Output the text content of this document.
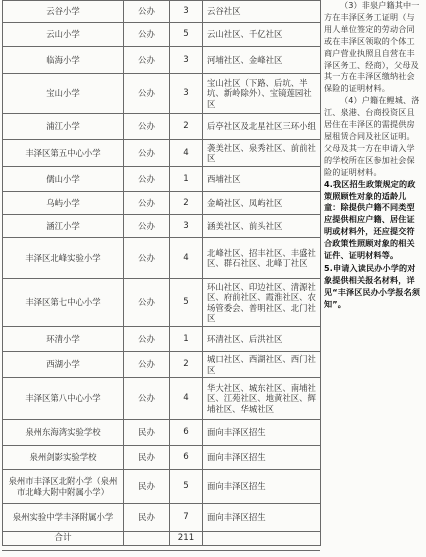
云谷小学	公办	3	云谷社区
云山小学	公办	5	云山社区、千亿社区
临海小学	公办	3	河埔社区、金峰社区
宝山小学	公办	3	宝山社区（下路、后坑、半坑、新岭除外）、宝镜莲园社区
浦江小学	公办	2	后亭社区及北星社区三环小组
丰泽区第五中心小学	公办	4	袭美社区、泉秀社区、前前社区
儒山小学	公办	1	西埔社区
乌屿小学	公办	2	金崎社区、凤屿社区
涵江小学	公办	3	涵美社区、前头社区
丰泽区北峰实验小学	公办	4	北峰社区、招丰社区、丰盛社区、群石社区、北峰丁社区
丰泽区第七中心小学	公办	5	环山社区、印边社区、清源社区、府前社区、霞淮社区、农场管委会、普明社区、北门社区
环清小学	公办	1	环清社区、后洪社区
西湖小学	公办	2	城口社区、西湖社区、西门社区
丰泽区第八中心小学	公办	4	华大社区、城东社区、南埔社区、江苑社区、地黄社区、辉埔社区、华城社区
泉州东海湾实验学校	民办	6	面向丰泽区招生
泉州剑影实验学校	民办	6	面向丰泽区招生
泉州市丰泽区北附小学（泉州市北峰大附中附属小学）	民办	5	面向丰泽区招生
泉州实验中学丰泽附属小学	民办	7	面向丰泽区招生
合计		211	

（3）非泉户籍其中一方在丰泽区务工证明（与用人单位签定的劳动合同或在丰泽区领取的个体工商户营业执照且自营在丰泽区务工、经商），父母及其一方在丰泽区缴纳社会保险的证明材料。

（4）户籍在鲤城、洛江、泉港、台商投资区且居住在丰泽区的需提供房屋租赁合同及社区证明。父母及其一方在申请入学的学校所在区参加社会保险的证明材料。

4.我区招生政策规定的政策照顾性对象的适龄儿童：除提供户籍不同类型应提供相应户籍、居住证明或材料外，还应提交符合政策性照顾对象的相关证件、证明材料等。

5.申请入读民办小学的对象提供相关报名材料，详见“丰泽区民办小学报名须知”。
